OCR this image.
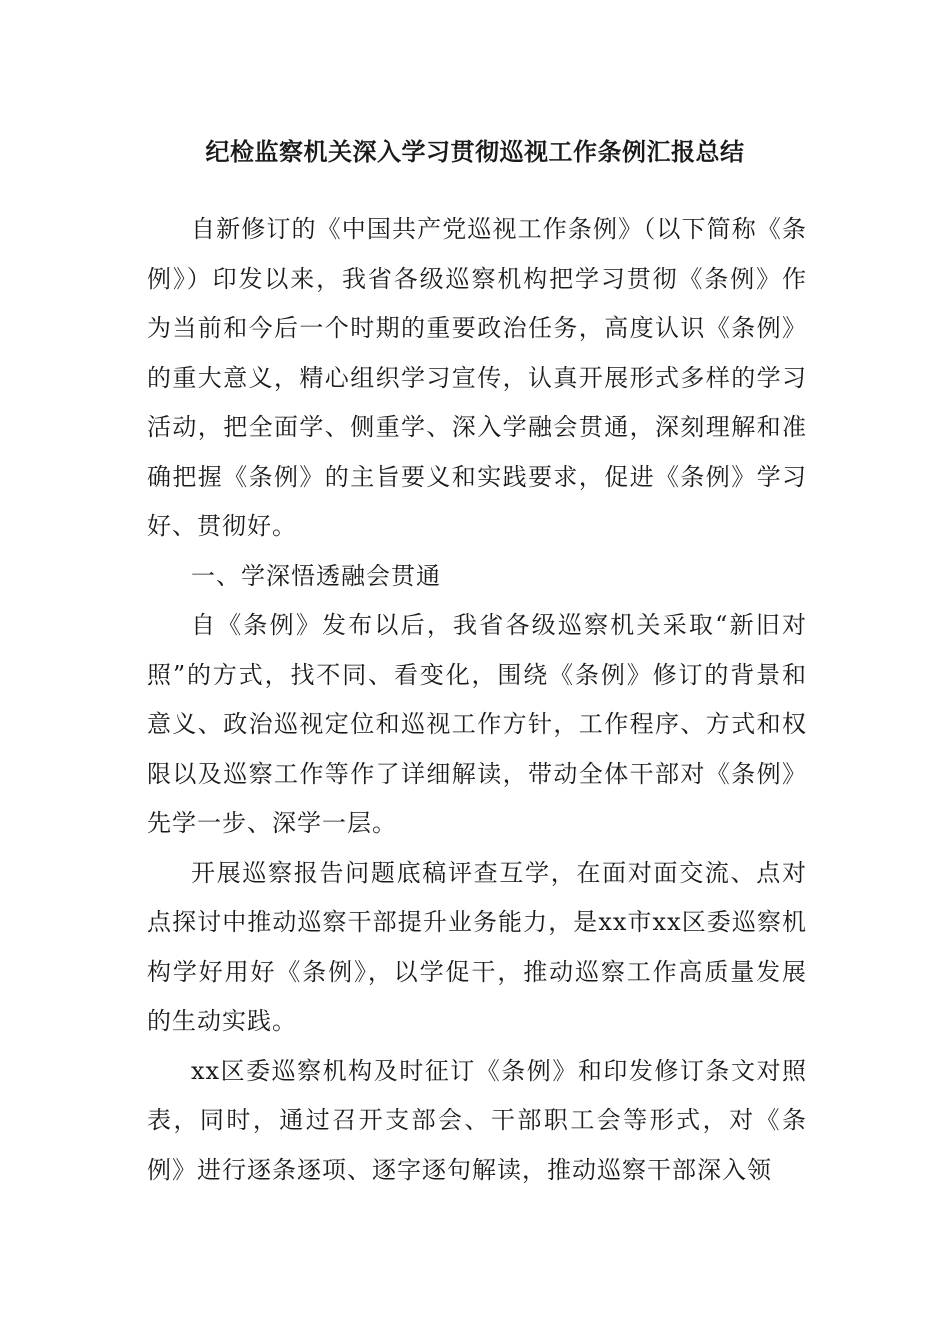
纪检监察机关深入学习贯彻巡视工作条例汇报总结

自新修订的《中国共产党巡视工作条例》（以下简称《条例》）印发以来，我省各级巡察机构把学习贯彻《条例》作为当前和今后一个时期的重要政治任务，高度认识《条例》的重大意义，精心组织学习宣传，认真开展形式多样的学习活动，把全面学、侧重学、深入学融会贯通，深刻理解和准确把握《条例》的主旨要义和实践要求，促进《条例》学习好、贯彻好。

一、学深悟透融会贯通

自《条例》发布以后，我省各级巡察机关采取“新旧对照”的方式，找不同、看变化，围绕《条例》修订的背景和意义、政治巡视定位和巡视工作方针，工作程序、方式和权限以及巡察工作等作了详细解读，带动全体干部对《条例》先学一步、深学一层。

开展巡察报告问题底稿评查互学，在面对面交流、点对点探讨中推动巡察干部提升业务能力，是xx市xx区委巡察机构学好用好《条例》，以学促干，推动巡察工作高质量发展的生动实践。

xx区委巡察机构及时征订《条例》和印发修订条文对照表，同时，通过召开支部会、干部职工会等形式，对《条例》进行逐条逐项、逐字逐句解读，推动巡察干部深入领
